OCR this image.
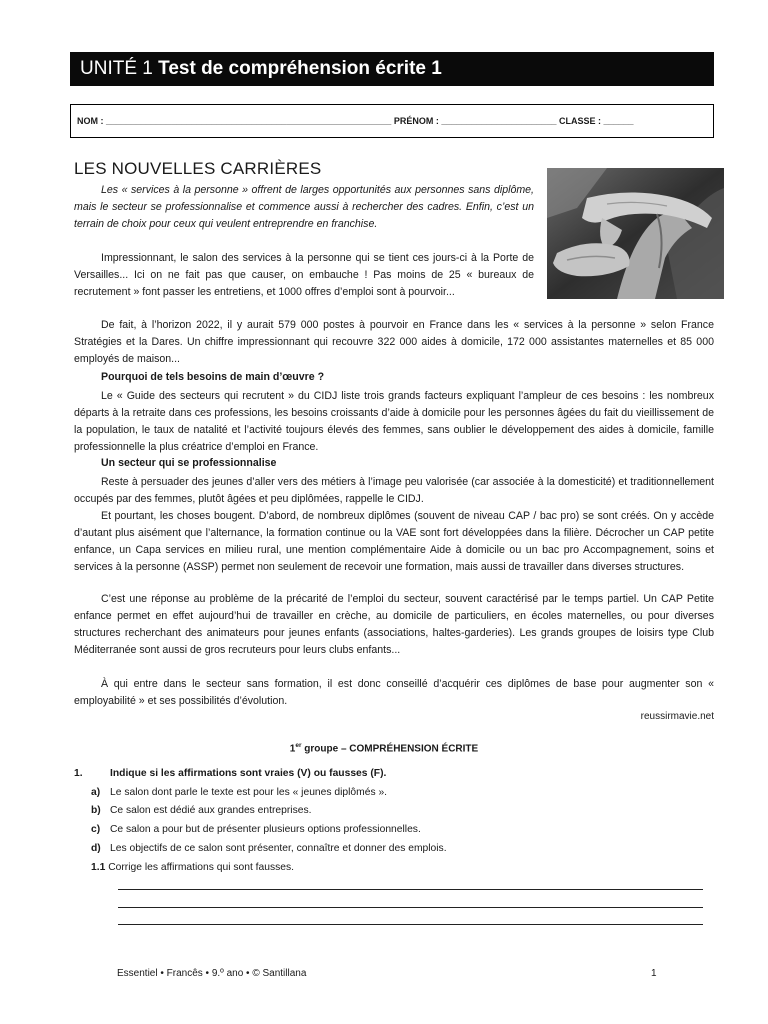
UNITÉ 1 Test de compréhension écrite 1
NOM : _________________________________________________________ PRÉNOM : _______________________ CLASSE : ______
LES NOUVELLES CARRIÈRES

Les « services à la personne » offrent de larges opportunités aux personnes sans diplôme, mais le secteur se professionnalise et commence aussi à rechercher des cadres. Enfin, c’est un terrain de choix pour ceux qui veulent entreprendre en franchise.

Impressionnant, le salon des services à la personne qui se tient ces jours-ci à la Porte de Versailles... Ici on ne fait pas que causer, on embauche ! Pas moins de 25 « bureaux de recrutement » font passer les entretiens, et 1000 offres d’emploi sont à pourvoir...

De fait, à l’horizon 2022, il y aurait 579 000 postes à pourvoir en France dans les « services à la personne » selon France Stratégies et la Dares. Un chiffre impressionnant qui recouvre 322 000 aides à domicile, 172 000 assistantes maternelles et 85 000 employés de maison...

Pourquoi de tels besoins de main d’œuvre ?

Le « Guide des secteurs qui recrutent » du CIDJ liste trois grands facteurs expliquant l’ampleur de ces besoins : les nombreux départs à la retraite dans ces professions, les besoins croissants d’aide à domicile pour les personnes âgées du fait du vieillissement de la population, le taux de natalité et l’activité toujours élevés des femmes, sans oublier le développement des aides à domicile, famille professionnelle la plus créatrice d’emploi en France.

Un secteur qui se professionnalise

Reste à persuader des jeunes d’aller vers des métiers à l’image peu valorisée (car associée à la domesticité) et traditionnellement occupés par des femmes, plutôt âgées et peu diplômées, rappelle le CIDJ.

Et pourtant, les choses bougent. D’abord, de nombreux diplômes (souvent de niveau CAP / bac pro) se sont créés. On y accède d’autant plus aisément que l’alternance, la formation continue ou la VAE sont fort développées dans la filière. Décrocher un CAP petite enfance, un Capa services en milieu rural, une mention complémentaire Aide à domicile ou un bac pro Accompagnement, soins et services à la personne (ASSP) permet non seulement de recevoir une formation, mais aussi de travailler dans diverses structures.

C’est une réponse au problème de la précarité de l’emploi du secteur, souvent caractérisé par le temps partiel. Un CAP Petite enfance permet en effet aujourd’hui de travailler en crèche, au domicile de particuliers, en écoles maternelles, ou pour diverses structures recherchant des animateurs pour jeunes enfants (associations, haltes-garderies). Les grands groupes de loisirs type Club Méditerranée sont aussi de gros recruteurs pour leurs clubs enfants...

À qui entre dans le secteur sans formation, il est donc conseillé d’acquérir ces diplômes de base pour augmenter son « employabilité » et ses possibilités d’évolution.

reussirmavie.net
1er groupe – COMPRÉHENSION ÉCRITE
1.	Indique si les affirmations sont vraies (V) ou fausses (F).
a) Le salon dont parle le texte est pour les « jeunes diplômés ».
b) Ce salon est dédié aux grandes entreprises.
c) Ce salon a pour but de présenter plusieurs options professionnelles.
d) Les objectifs de ce salon sont présenter, connaître et donner des emplois.
1.1 Corrige les affirmations qui sont fausses.
Essentiel • Francês • 9.º ano • © Santillana	1
